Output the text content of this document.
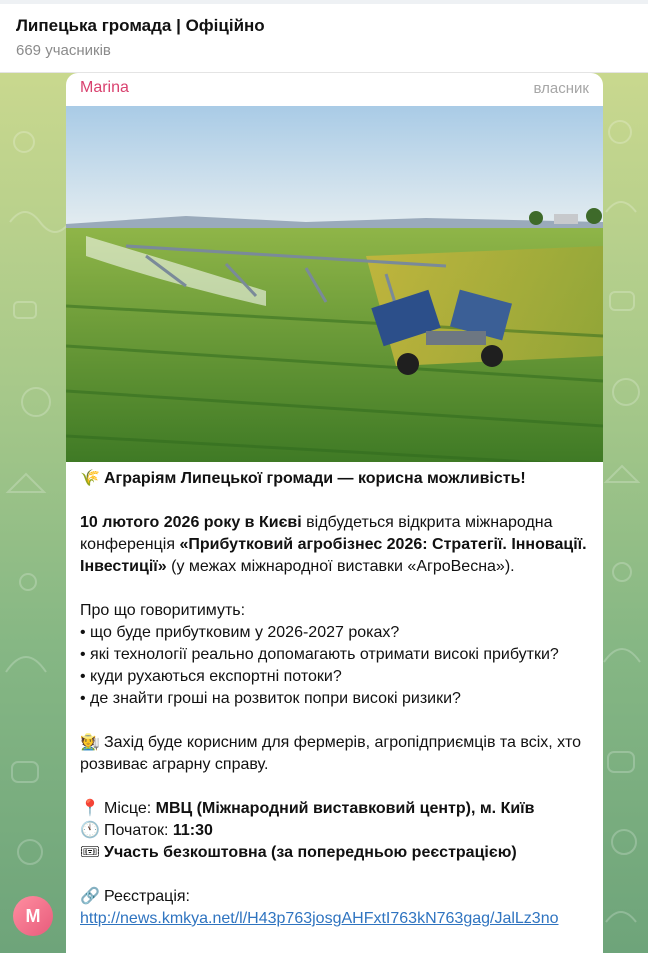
Липецька громада | Офіційно
669 учасників
Marina	власник

🌾 Аграріям Липецької громади — корисна можливість!

10 лютого 2026 року в Києві відбудеться відкрита міжнародна конференція «Прибутковий агробізнес 2026: Стратегії. Інновації. Інвестиції» (у межах міжнародної виставки «АгроВесна»).

Про що говоритимуть:

• що буде прибутковим у 2026-2027 роках?

• які технології реально допомагають отримати високі прибутки?

• куди рухаються експортні потоки?

• де знайти гроші на розвиток попри високі ризики?

🧑‍🌾 Захід буде корисним для фермерів, агропідприємців та всіх, хто розвиває аграрну справу.

📍 Місце: МВЦ (Міжнародний виставковий центр), м. Київ

🕚 Початок: 11:30

🎟 Участь безкоштовна (за попередньою реєстрацією)

🔗 Реєстрація:

http://news.kmkya.net/l/H43p763josgAHFxtI763kN763gag/JalLz3no

M
